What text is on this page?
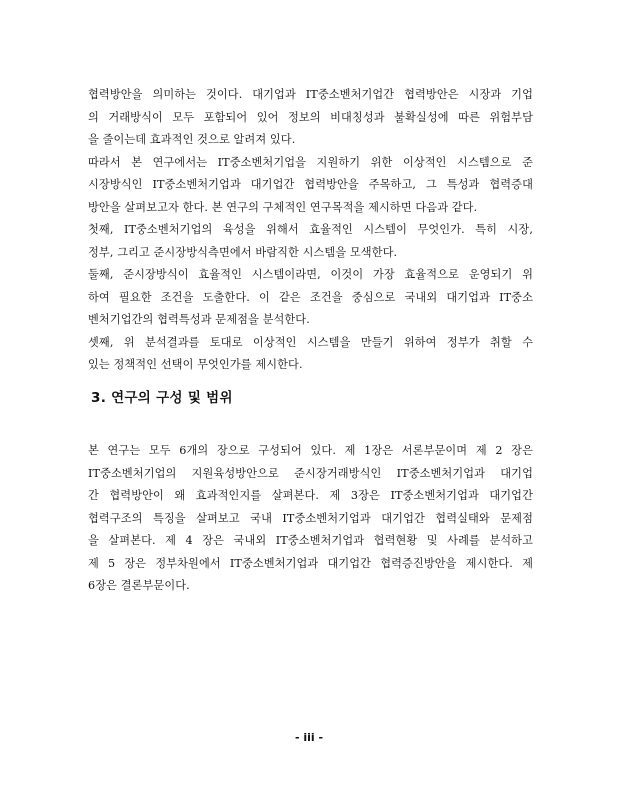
협력방안을 의미하는 것이다. 대기업과 IT중소벤처기업간 협력방안은 시장과 기업
의 거래방식이 모두 포함되어 있어 정보의 비대칭성과 불확실성에 따른 위험부담
을 줄이는데 효과적인 것으로 알려져 있다.
따라서 본 연구에서는 IT중소벤처기업을 지원하기 위한 이상적인 시스템으로 준
시장방식인 IT중소벤처기업과 대기업간 협력방안을 주목하고, 그 특성과 협력증대
방안을 살펴보고자 한다. 본 연구의 구체적인 연구목적을 제시하면 다음과 같다.
첫째, IT중소벤처기업의 육성을 위해서 효율적인 시스템이 무엇인가. 특히 시장,
정부, 그리고 준시장방식측면에서 바람직한 시스템을 모색한다.
둘째, 준시장방식이 효율적인 시스템이라면, 이것이 가장 효율적으로 운영되기 위
하여 필요한 조건을 도출한다. 이 같은 조건을 중심으로 국내외 대기업과 IT중소
벤처기업간의 협력특성과 문제점을 분석한다.
셋째, 위 분석결과를 토대로 이상적인 시스템을 만들기 위하여 정부가 취할 수
있는 정책적인 선택이 무엇인가를 제시한다.
3. 연구의 구성 및 범위
본 연구는 모두 6개의 장으로 구성되어 있다. 제 1장은 서론부문이며 제 2 장은
IT중소벤처기업의 지원육성방안으로 준시장거래방식인 IT중소벤처기업과 대기업
간 협력방안이 왜 효과적인지를 살펴본다. 제 3장은 IT중소벤처기업과 대기업간
협력구조의 특징을 살펴보고 국내 IT중소벤처기업과 대기업간 협력실태와 문제점
을 살펴본다. 제 4 장은 국내외 IT중소벤처기업과 협력현황 및 사례를 분석하고
제 5 장은 정부차원에서 IT중소벤처기업과 대기업간 협력증진방안을 제시한다. 제
6장은 결론부문이다.
- iii -
